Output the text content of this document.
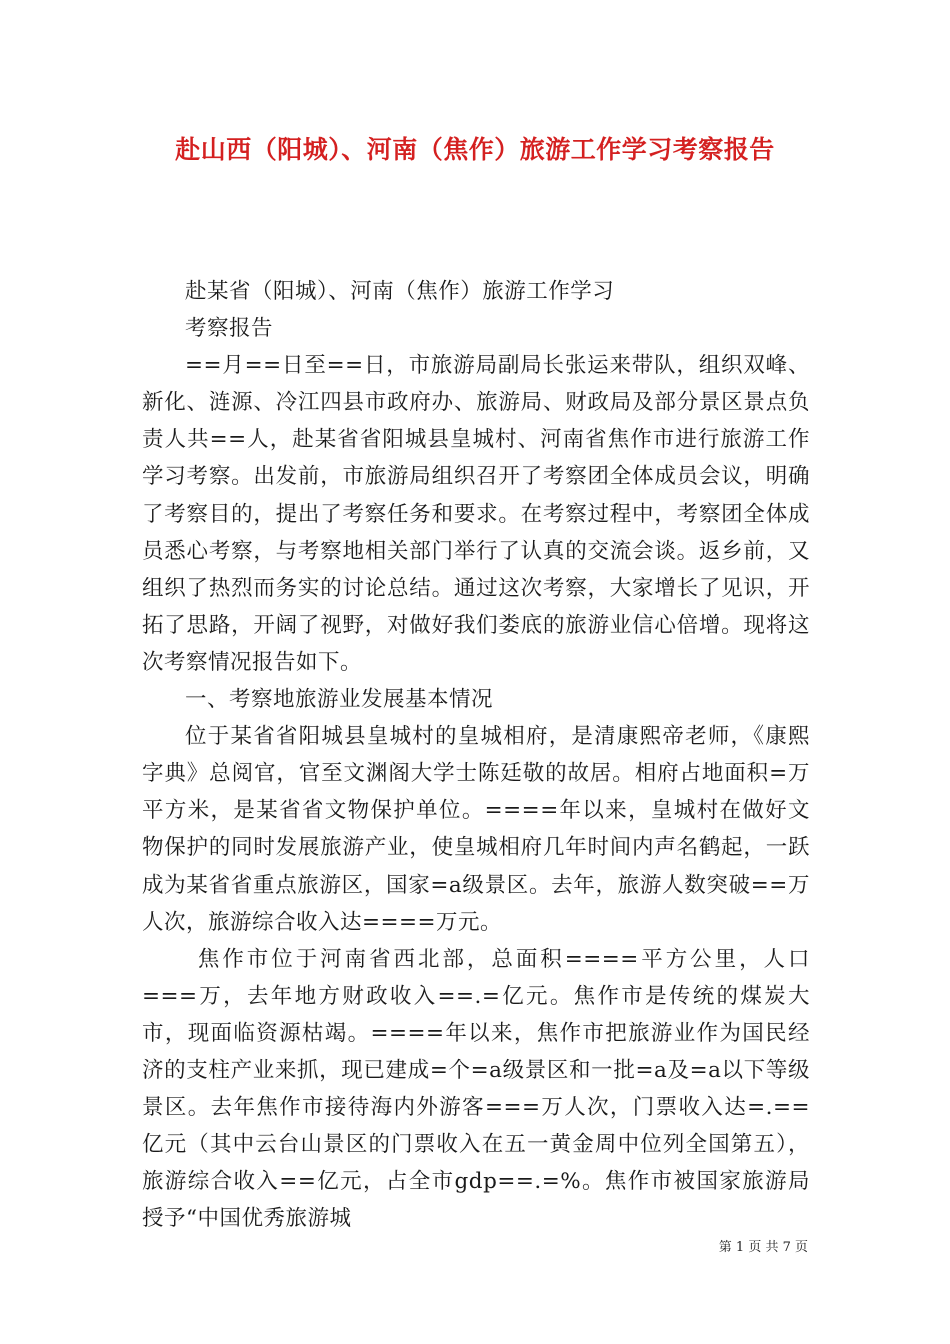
赴山西（阳城）、河南（焦作）旅游工作学习考察报告

赴某省（阳城）、河南（焦作）旅游工作学习

考察报告

==月==日至==日，市旅游局副局长张运来带队，组织双峰、新化、涟源、冷江四县市政府办、旅游局、财政局及部分景区景点负责人共==人，赴某省省阳城县皇城村、河南省焦作市进行旅游工作学习考察。出发前，市旅游局组织召开了考察团全体成员会议，明确了考察目的，提出了考察任务和要求。在考察过程中，考察团全体成员悉心考察，与考察地相关部门举行了认真的交流会谈。返乡前，又组织了热烈而务实的讨论总结。通过这次考察，大家增长了见识，开拓了思路，开阔了视野，对做好我们娄底的旅游业信心倍增。现将这次考察情况报告如下。

一、考察地旅游业发展基本情况

位于某省省阳城县皇城村的皇城相府，是清康熙帝老师，《康熙字典》总阅官，官至文渊阁大学士陈廷敬的故居。相府占地面积=万平方米，是某省省文物保护单位。====年以来，皇城村在做好文物保护的同时发展旅游产业，使皇城相府几年时间内声名鹤起，一跃成为某省省重点旅游区，国家=a级景区。去年，旅游人数突破==万人次，旅游综合收入达====万元。

焦作市位于河南省西北部，总面积====平方公里，人口===万，去年地方财政收入==.=亿元。焦作市是传统的煤炭大市，现面临资源枯竭。====年以来，焦作市把旅游业作为国民经济的支柱产业来抓，现已建成=个=a级景区和一批=a及=a以下等级景区。去年焦作市接待海内外游客===万人次，门票收入达=.==亿元（其中云台山景区的门票收入在五一黄金周中位列全国第五），旅游综合收入==亿元，占全市gdp==.=%。焦作市被国家旅游局授予“中国优秀旅游城

第 1 页 共 7 页
